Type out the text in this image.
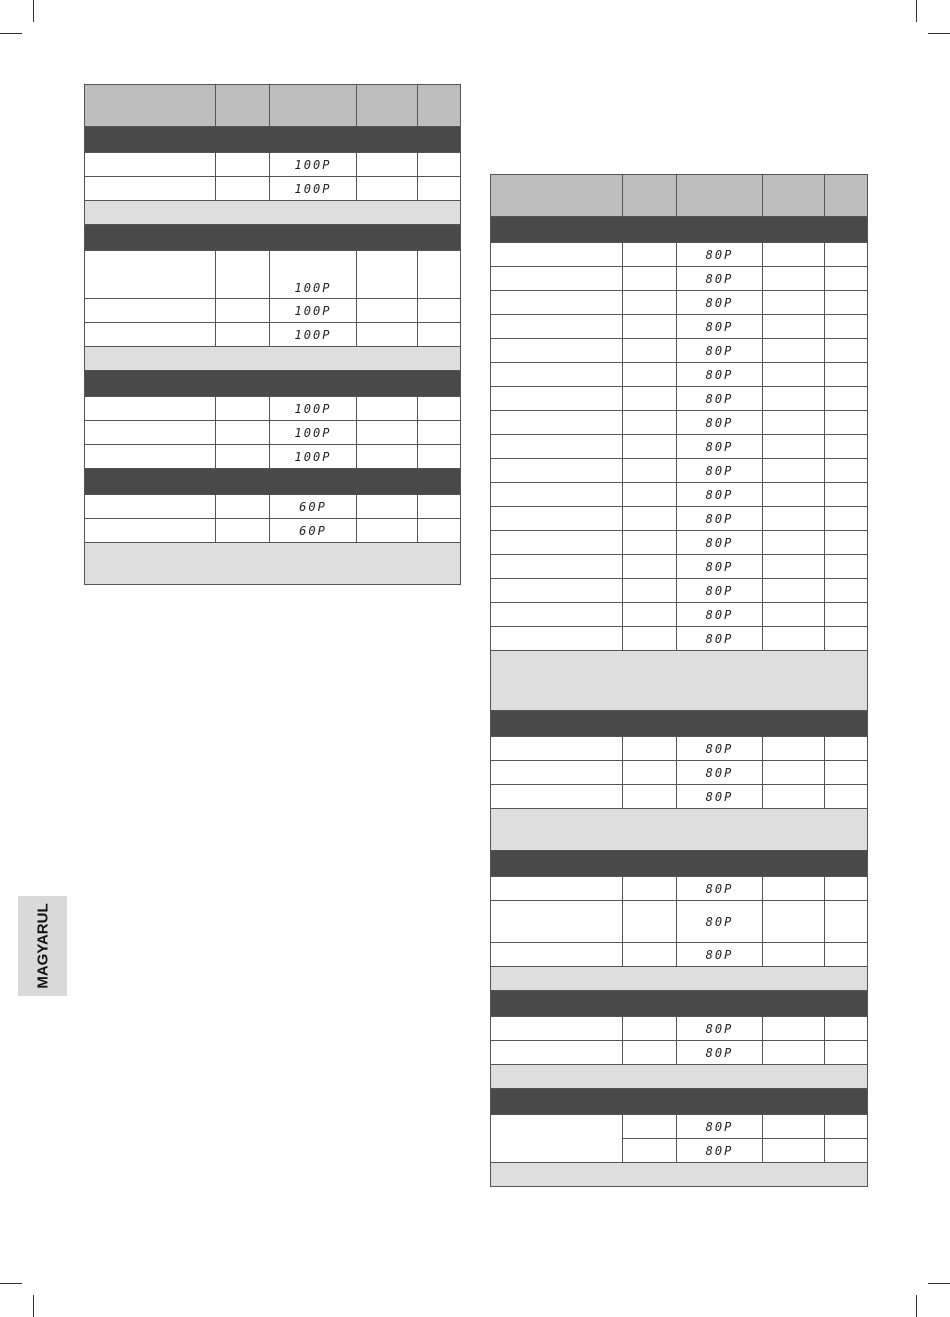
MAGYARUL

		100P		
		100P		

		100P		
		100P		
		100P		

		100P		
		100P		
		100P		

		60P		
		60P		

		80P		
		80P		
		80P		
		80P		
		80P		
		80P		
		80P		
		80P		
		80P		
		80P		
		80P		
		80P		
		80P		
		80P		
		80P		
		80P		
		80P		

		80P		
		80P		
		80P		

		80P		
		80P		
		80P		

		80P		
		80P		

		80P		
		80P		
